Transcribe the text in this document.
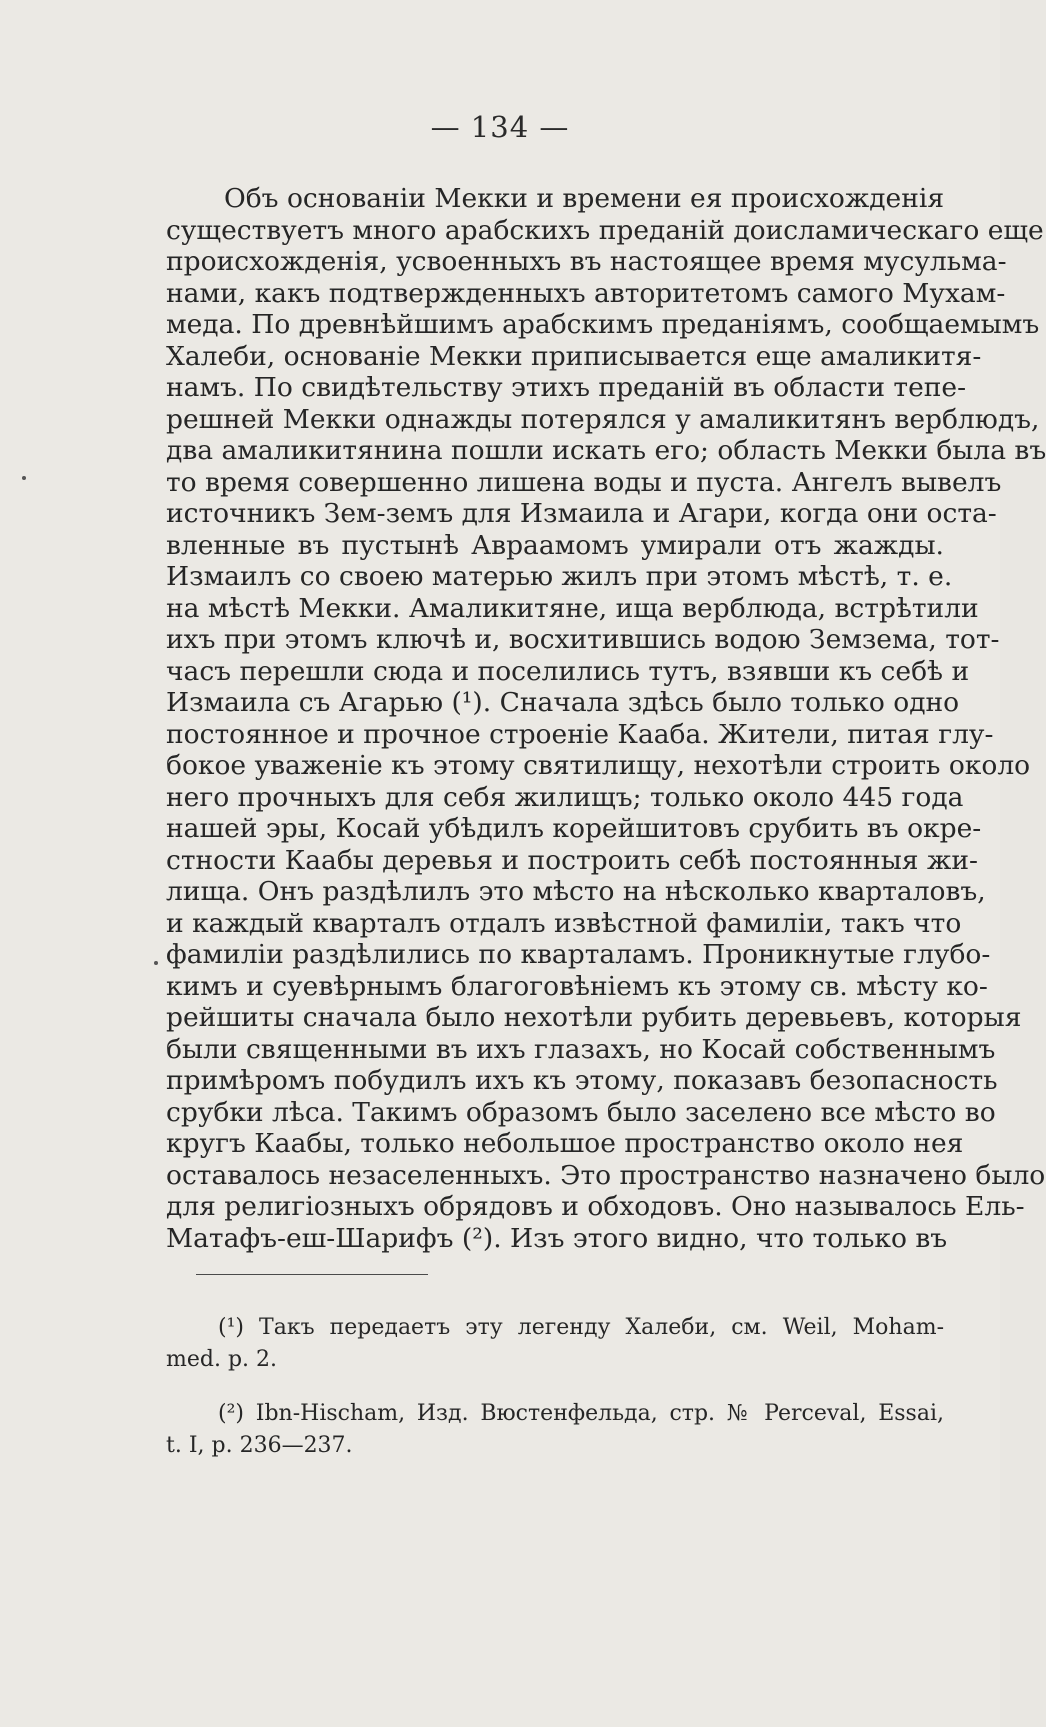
— 134 —
Объ основанiи Мекки и времени ея происхожденiя
существуетъ много арабскихъ преданiй доисламическаго еще
происхожденiя, усвоенныхъ въ настоящее время мусульма-
нами, какъ подтвержденныхъ авторитетомъ самого Мухам-
меда. По древнѣйшимъ арабскимъ преданiямъ, сообщаемымъ
Халеби, основанiе Мекки приписывается еще амаликитя-
намъ. По свидѣтельству этихъ преданiй въ области тепе-
решней Мекки однажды потерялся у амаликитянъ верблюдъ,
два амаликитянина пошли искать его; область Мекки была въ
то время совершенно лишена воды и пуста. Ангелъ вывелъ
источникъ Зем-земъ для Измаила и Агари, когда они оста-
вленные въ пустынѣ Авраамомъ умирали отъ жажды.
Измаилъ со своею матерью жилъ при этомъ мѣстѣ, т. е.
на мѣстѣ Мекки. Амаликитяне, ища верблюда, встрѣтили
ихъ при этомъ ключѣ и, восхитившись водою Земзема, тот-
часъ перешли сюда и поселились тутъ, взявши къ себѣ и
Измаила съ Агарью (¹). Сначала здѣсь было только одно
постоянное и прочное строенiе Кааба. Жители, питая глу-
бокое уваженiе къ этому святилищу, нехотѣли строить около
него прочныхъ для себя жилищъ; только около 445 года
нашей эры, Косай убѣдилъ корейшитовъ срубить въ окре-
стности Каабы деревья и построить себѣ постоянныя жи-
лища. Онъ раздѣлилъ это мѣсто на нѣсколько кварталовъ,
и каждый кварталъ отдалъ извѣстной фамилiи, такъ что
фамилiи раздѣлились по кварталамъ. Проникнутые глубо-
кимъ и суевѣрнымъ благоговѣнiемъ къ этому св. мѣсту ко-
рейшиты сначала было нехотѣли рубить деревьевъ, которыя
были священными въ ихъ глазахъ, но Косай собственнымъ
примѣромъ побудилъ ихъ къ этому, показавъ безопасность
срубки лѣса. Такимъ образомъ было заселено все мѣсто во
кругъ Каабы, только небольшое пространство около нея
оставалось незаселенныхъ. Это пространство назначено было
для религiозныхъ обрядовъ и обходовъ. Оно называлось Ель-
Матафъ-еш-Шарифъ (²). Изъ этого видно, что только въ
(¹) Такъ передаетъ эту легенду Халеби, см. Weil, Moham-
med. p. 2.
(²) Ibn-Hischam, Изд. Вюстенфельда, стр. № Perceval, Essai,
t. I, p. 236—237.
